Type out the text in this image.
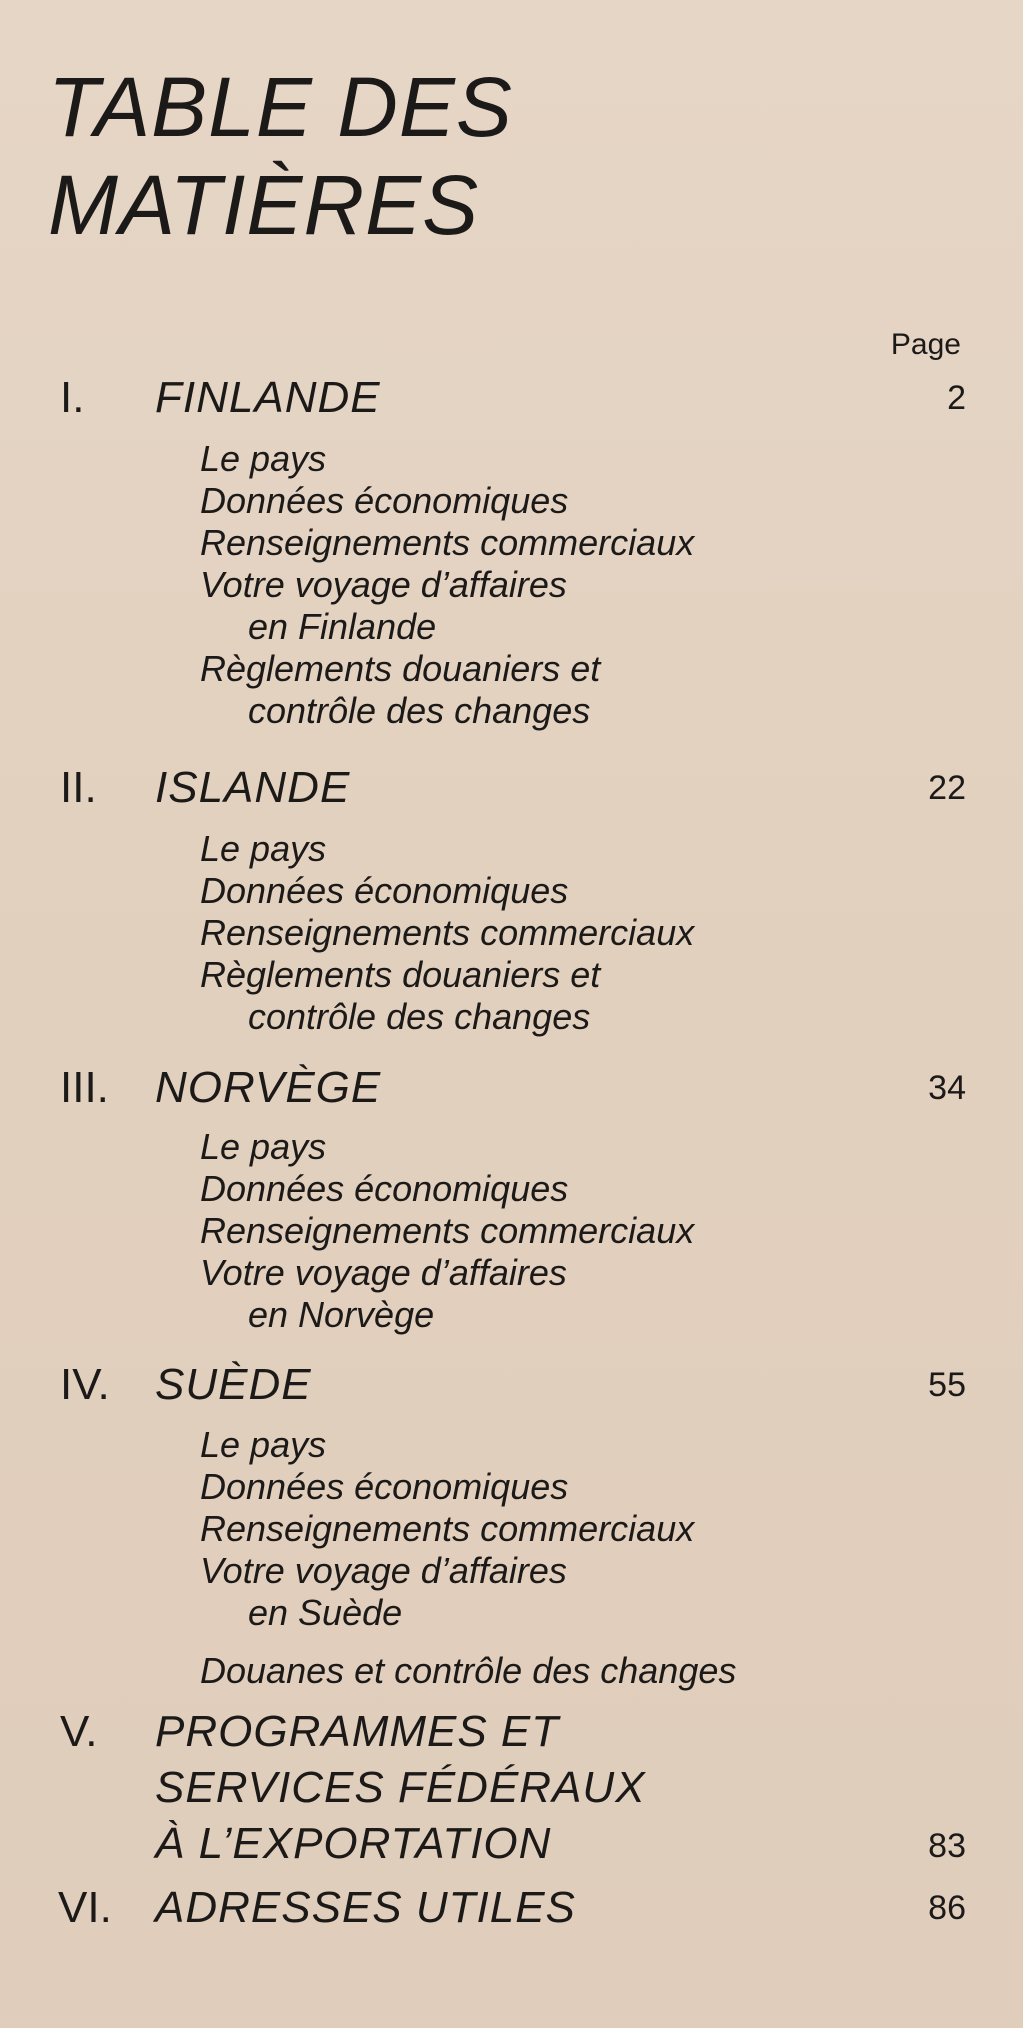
TABLE DES
MATIÈRES
Page
I. FINLANDE	2
Le pays
Données économiques
Renseignements commerciaux
Votre voyage d’affaires
en Finlande
Règlements douaniers et
contrôle des changes
II. ISLANDE	22
Le pays
Données économiques
Renseignements commerciaux
Règlements douaniers et
contrôle des changes
III. NORVÈGE	34
Le pays
Données économiques
Renseignements commerciaux
Votre voyage d’affaires
en Norvège
IV. SUÈDE	55
Le pays
Données économiques
Renseignements commerciaux
Votre voyage d’affaires
en Suède
Douanes et contrôle des changes
V. PROGRAMMES ET
SERVICES FÉDÉRAUX
À L’EXPORTATION	83
VI. ADRESSES UTILES	86
